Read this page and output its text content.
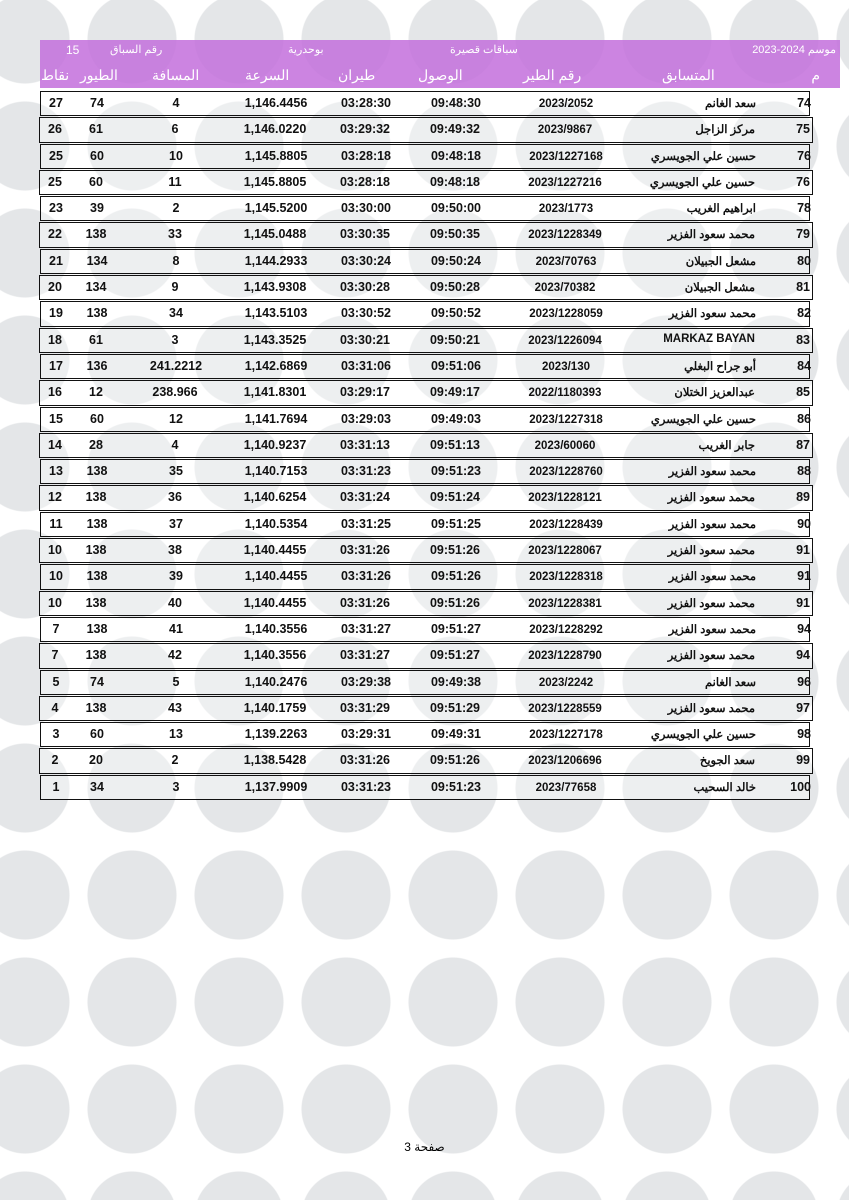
موسم 2024-2023
سباقات قصيرة
بوحدرية
رقم السباق
15
م
المتسابق
رقم الطير
الوصول
طيران
السرعة
المسافة
الطيور
نقاط
74
سعد الغانم
2023/2052
09:48:30
03:28:30
1,146.4456
4
74
27
75
مركز الزاجل
2023/9867
09:49:32
03:29:32
1,146.0220
6
61
26
76
حسين علي الجويسري
2023/1227168
09:48:18
03:28:18
1,145.8805
10
60
25
76
حسين علي الجويسري
2023/1227216
09:48:18
03:28:18
1,145.8805
11
60
25
78
ابراهيم الغريب
2023/1773
09:50:00
03:30:00
1,145.5200
2
39
23
79
محمد سعود الفزير
2023/1228349
09:50:35
03:30:35
1,145.0488
33
138
22
80
مشعل الجبيلان
2023/70763
09:50:24
03:30:24
1,144.2933
8
134
21
81
مشعل الجبيلان
2023/70382
09:50:28
03:30:28
1,143.9308
9
134
20
82
محمد سعود الفزير
2023/1228059
09:50:52
03:30:52
1,143.5103
34
138
19
83
MARKAZ BAYAN
2023/1226094
09:50:21
03:30:21
1,143.3525
3
61
18
84
أبو جراح البغلي
2023/130
09:51:06
03:31:06
1,142.6869
241.2212
136
17
85
عبدالعزيز الختلان
2022/1180393
09:49:17
03:29:17
1,141.8301
238.966
12
16
86
حسين علي الجويسري
2023/1227318
09:49:03
03:29:03
1,141.7694
12
60
15
87
جابر الغريب
2023/60060
09:51:13
03:31:13
1,140.9237
4
28
14
88
محمد سعود الفزير
2023/1228760
09:51:23
03:31:23
1,140.7153
35
138
13
89
محمد سعود الفزير
2023/1228121
09:51:24
03:31:24
1,140.6254
36
138
12
90
محمد سعود الفزير
2023/1228439
09:51:25
03:31:25
1,140.5354
37
138
11
91
محمد سعود الفزير
2023/1228067
09:51:26
03:31:26
1,140.4455
38
138
10
91
محمد سعود الفزير
2023/1228318
09:51:26
03:31:26
1,140.4455
39
138
10
91
محمد سعود الفزير
2023/1228381
09:51:26
03:31:26
1,140.4455
40
138
10
94
محمد سعود الفزير
2023/1228292
09:51:27
03:31:27
1,140.3556
41
138
7
94
محمد سعود الفزير
2023/1228790
09:51:27
03:31:27
1,140.3556
42
138
7
96
سعد الغانم
2023/2242
09:49:38
03:29:38
1,140.2476
5
74
5
97
محمد سعود الفزير
2023/1228559
09:51:29
03:31:29
1,140.1759
43
138
4
98
حسين علي الجويسري
2023/1227178
09:49:31
03:29:31
1,139.2263
13
60
3
99
سعد الجويخ
2023/1206696
09:51:26
03:31:26
1,138.5428
2
20
2
100
خالد السحيب
2023/77658
09:51:23
03:31:23
1,137.9909
3
34
1
صفحة 3
